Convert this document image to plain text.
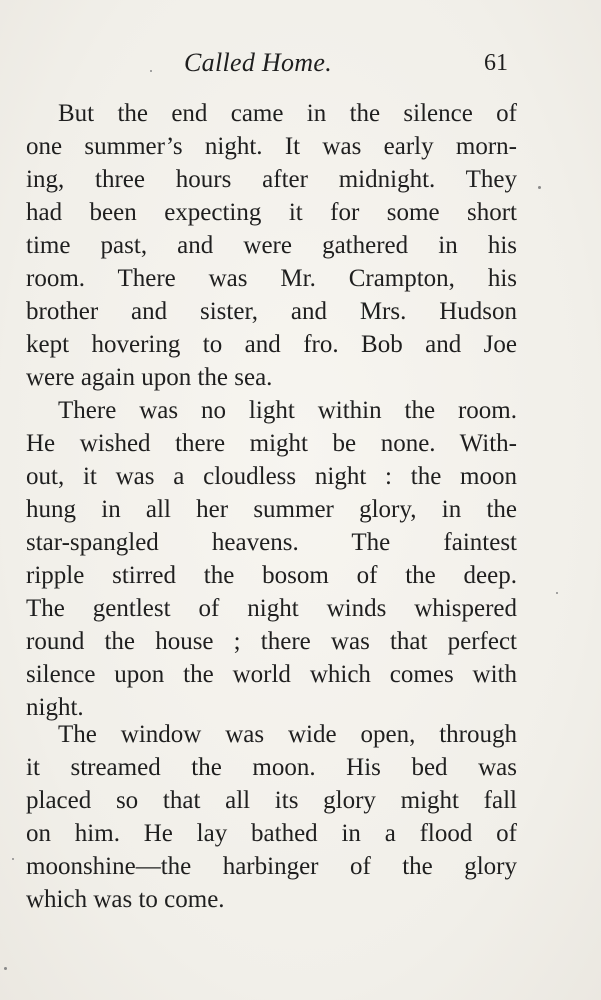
Called Home.	61
But the end came in the silence of
one summer’s night. It was early morn-
ing, three hours after midnight. They
had been expecting it for some short
time past, and were gathered in his
room. There was Mr. Crampton, his
brother and sister, and Mrs. Hudson
kept hovering to and fro. Bob and Joe
were again upon the sea.
There was no light within the room.
He wished there might be none. With-
out, it was a cloudless night : the moon
hung in all her summer glory, in the
star-spangled heavens. The faintest
ripple stirred the bosom of the deep.
The gentlest of night winds whispered
round the house ; there was that perfect
silence upon the world which comes with
night.
The window was wide open, through
it streamed the moon. His bed was
placed so that all its glory might fall
on him. He lay bathed in a flood of
moonshine—the harbinger of the glory
which was to come.
